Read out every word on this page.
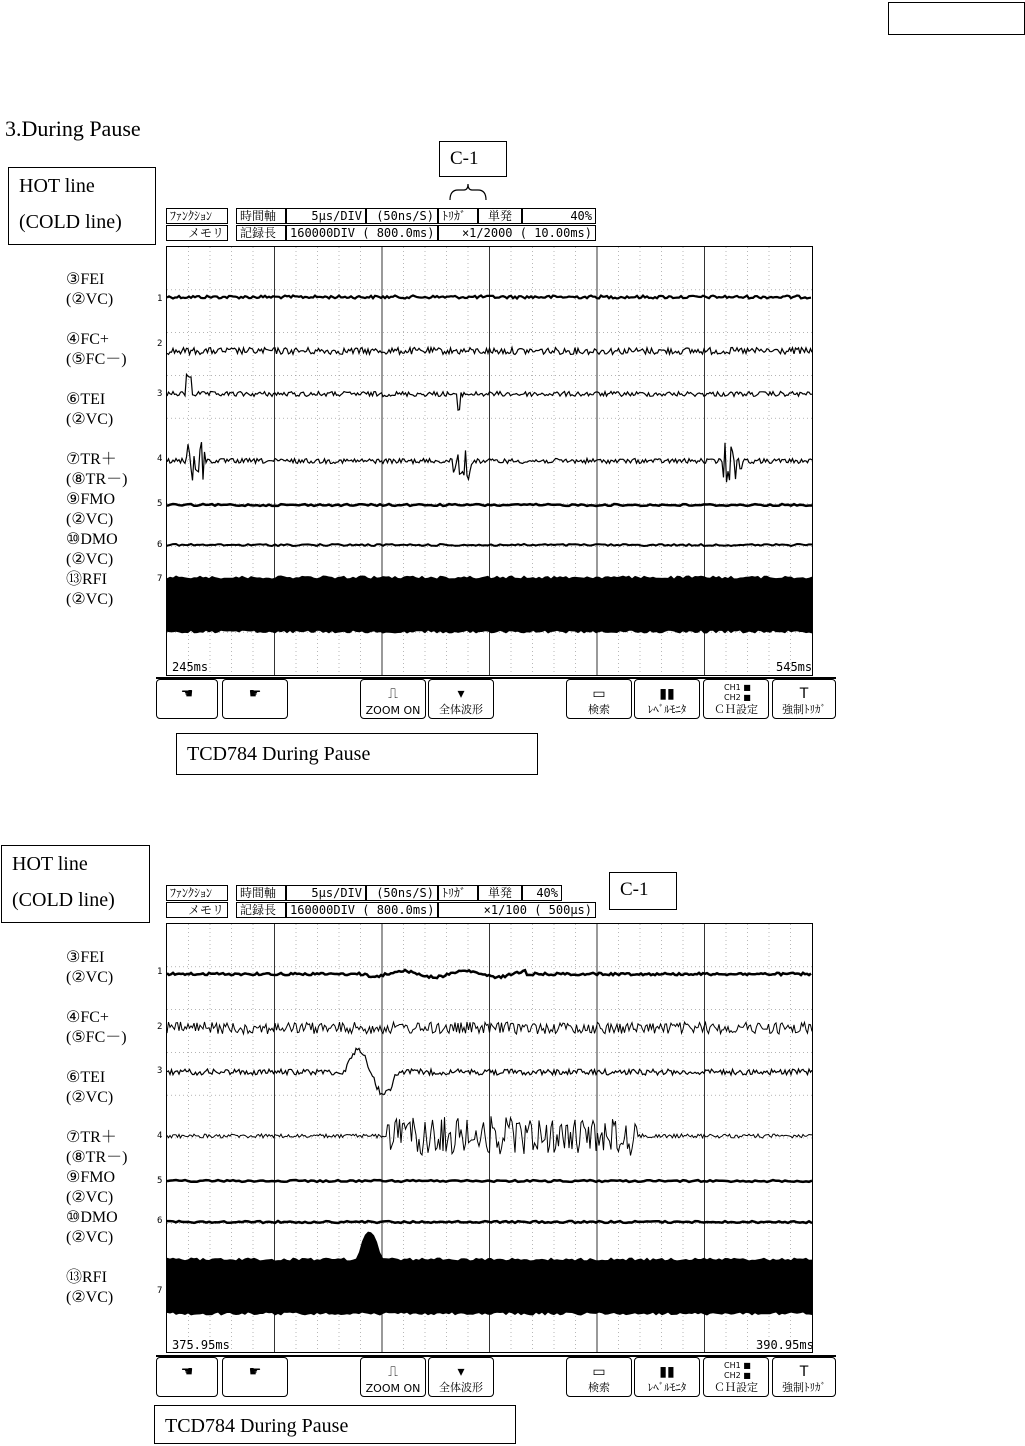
3.During Pause
HOT line
(COLD line)
C-1
ﾌｧﾝｸｼｮﾝ
メモリ
時間軸
記録長
5μs/DIV	(50ns/S)
160000DIV ( 800.0ms)
ﾄﾘｶﾞ	単発	40%
×1/2000 ( 10.00ms)
③FEI
(②VC)
④FC+
(⑤FC－)
⑥TEI
(②VC)
⑦TR＋
(⑧TR－)
⑨FMO
(②VC)
⑩DMO
(②VC)
⑬RFI
(②VC)
1
2
3
4
5
6
7
245ms	545ms
☚	☛	⎍
ZOOM ON
▾
全体波形
▭
検索
▮▮
ﾚﾍﾞﾙﾓﾆﾀ
CH1 ■
CH2 ■
ＣＨ設定
T
強制ﾄﾘｶﾞ
TCD784 During Pause
HOT line
(COLD line)	C-1
ﾌｧﾝｸｼｮﾝ
メモリ
時間軸
記録長
5μs/DIV	(50ns/S)
160000DIV ( 800.0ms)
ﾄﾘｶﾞ	単発	40%
×1/100 ( 500μs)
③FEI
(②VC)
④FC+
(⑤FC－)
⑥TEI
(②VC)
⑦TR＋
(⑧TR－)
⑨FMO
(②VC)
⑩DMO
(②VC)
⑬RFI
(②VC)
1
2
3
4
5
6
7
375.95ms	390.95ms
☚	☛	⎍
ZOOM ON
▾
全体波形
▭
検索
▮▮
ﾚﾍﾞﾙﾓﾆﾀ
CH1 ■
CH2 ■
ＣＨ設定
T
強制ﾄﾘｶﾞ
TCD784 During Pause
